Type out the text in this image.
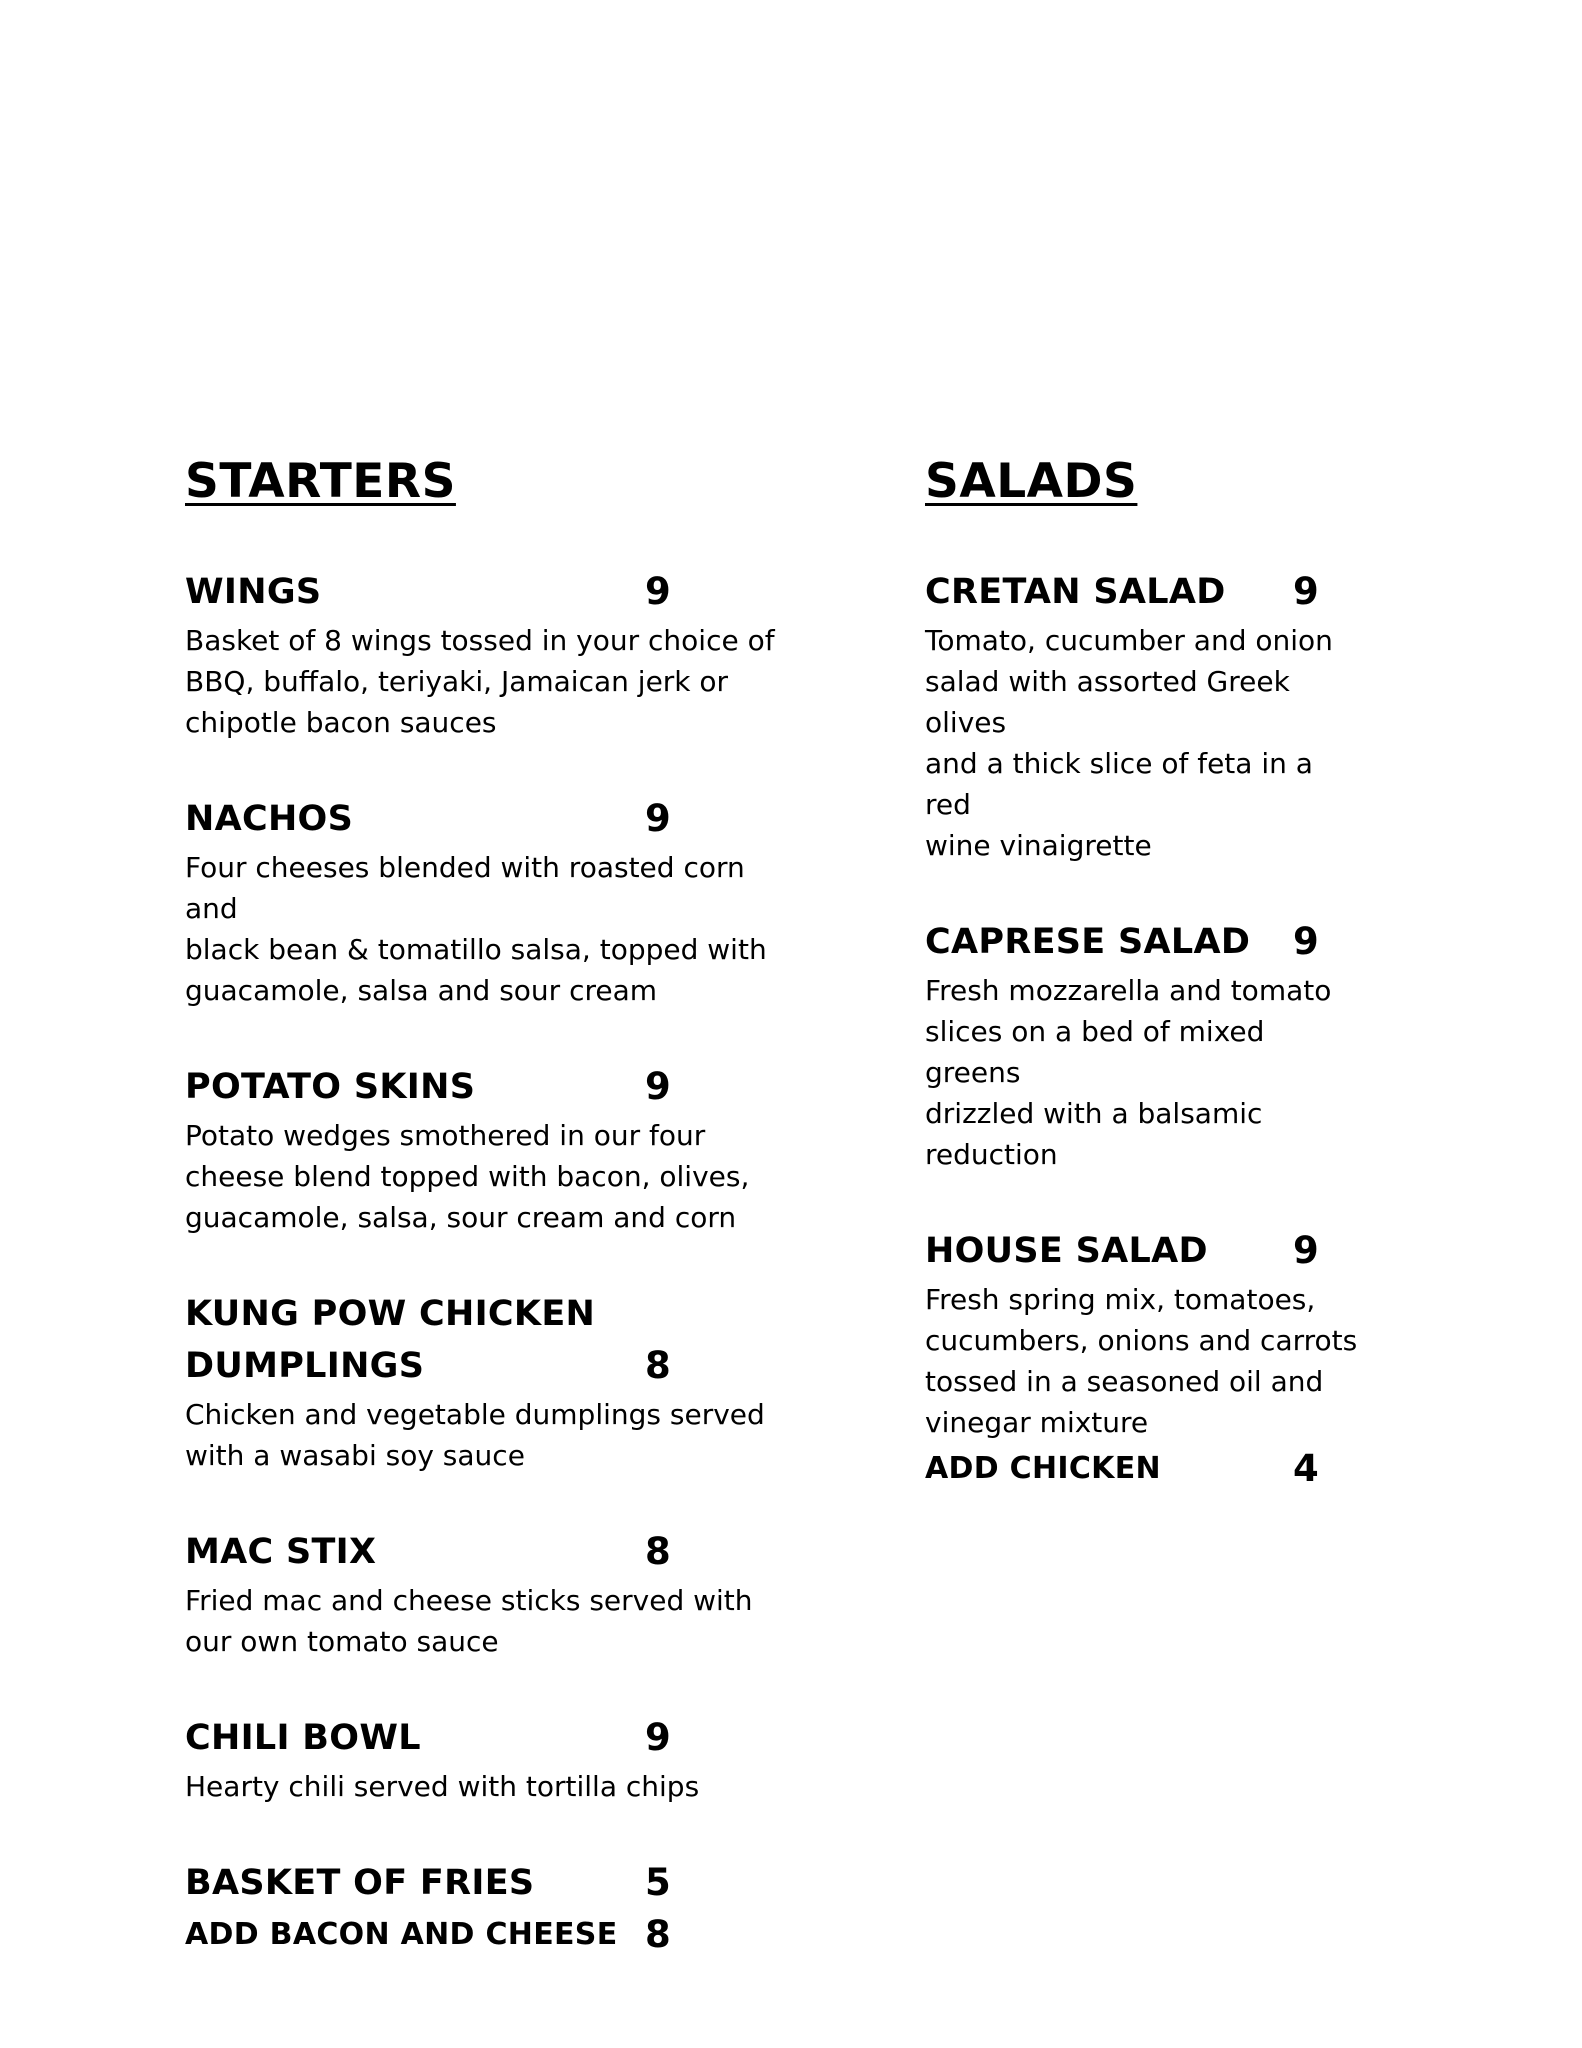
STARTERS
WINGS	9
Basket of 8 wings tossed in your choice of
BBQ, buffalo, teriyaki, Jamaican jerk or
chipotle bacon sauces
NACHOS	9
Four cheeses blended with roasted corn and
black bean & tomatillo salsa, topped with
guacamole, salsa and sour cream
POTATO SKINS	9
Potato wedges smothered in our four
cheese blend topped with bacon, olives,
guacamole, salsa, sour cream and corn
KUNG POW CHICKEN
DUMPLINGS	8
Chicken and vegetable dumplings served
with a wasabi soy sauce
MAC STIX	8
Fried mac and cheese sticks served with
our own tomato sauce
CHILI BOWL	9
Hearty chili served with tortilla chips
BASKET OF FRIES	5
ADD BACON AND CHEESE 8
SALADS
CRETAN SALAD 9
Tomato, cucumber and onion
salad with assorted Greek olives
and a thick slice of feta in a red
wine vinaigrette
CAPRESE SALAD 9
Fresh mozzarella and tomato
slices on a bed of mixed greens
drizzled with a balsamic
reduction
HOUSE SALAD 9
Fresh spring mix, tomatoes,
cucumbers, onions and carrots
tossed in a seasoned oil and
vinegar mixture
ADD CHICKEN	4
